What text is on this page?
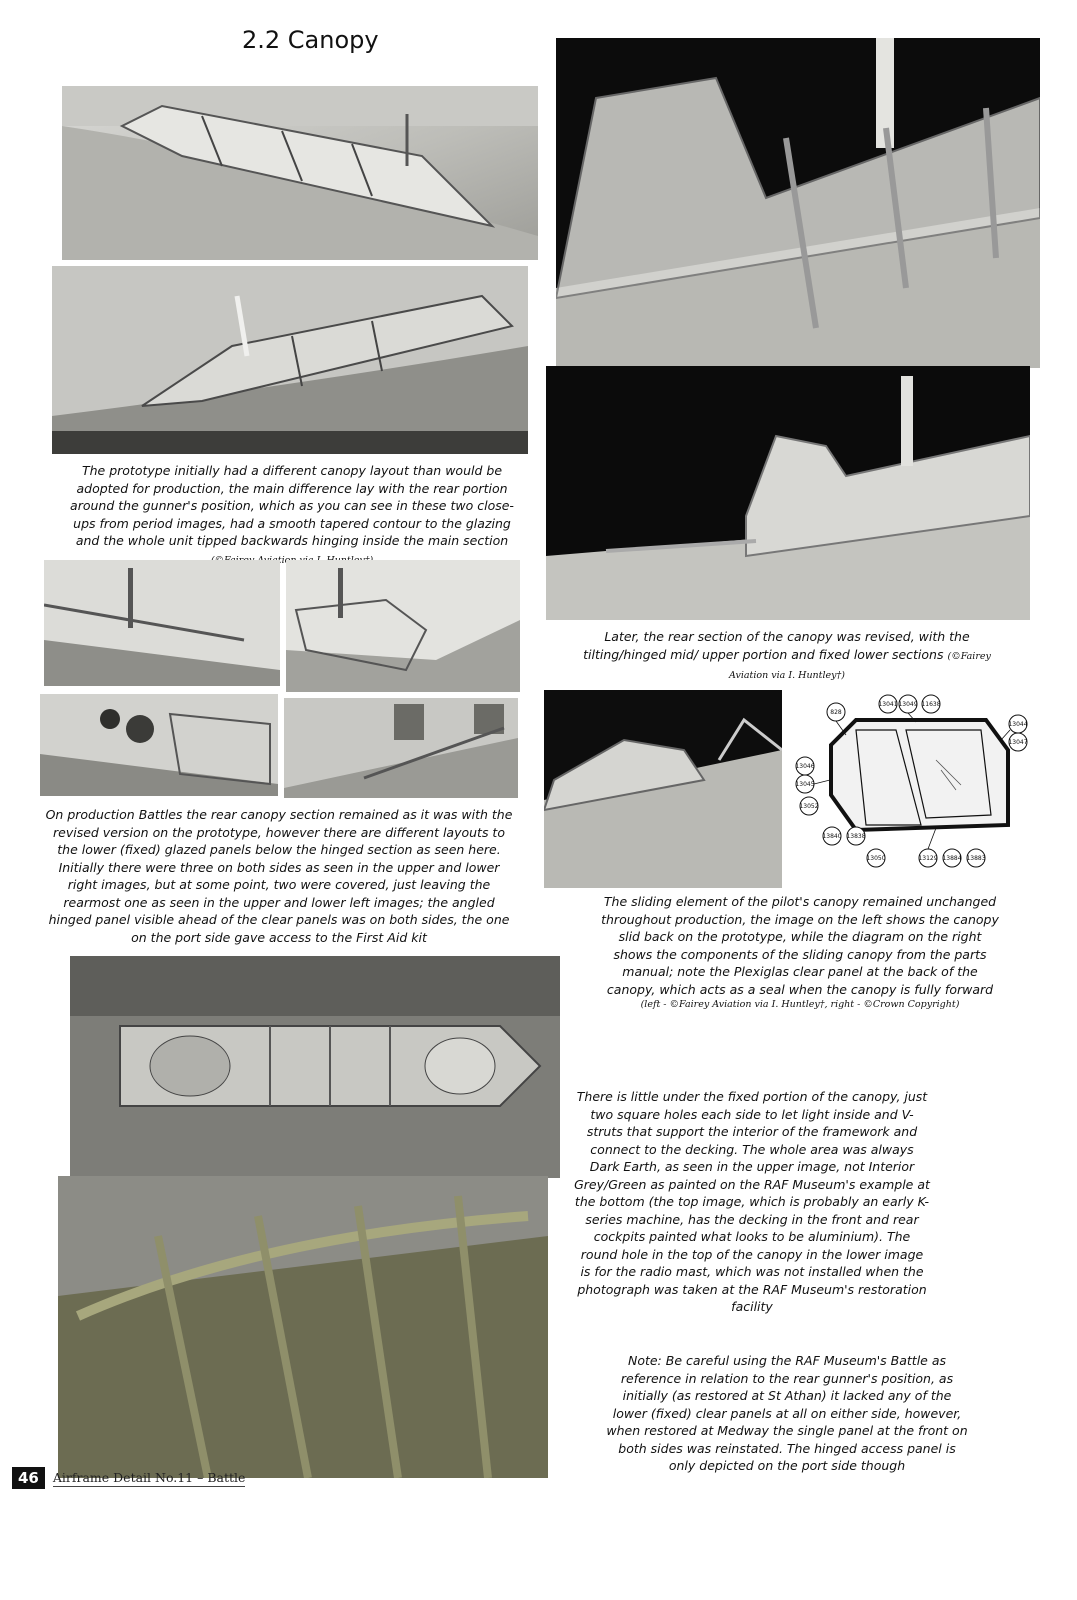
2.2 Canopy

The prototype initially had a different canopy layout than would be adopted for production, the main difference lay with the rear portion around the gunner's position, which as you can see in these two close-ups from period images, had a smooth tapered contour to the glazing and the whole unit tipped backwards hinging inside the main section

Later, the rear section of the canopy was revised, with the tilting/hinged mid/ upper portion and fixed lower sections (©Fairey Aviation via I. Huntley†)

On production Battles the rear canopy section remained as it was with the revised version on the prototype, however there are different layouts to the lower (fixed) glazed panels below the hinged section as seen here. Initially there were three on both sides as seen in the upper and lower right images, but at some point, two were covered, just leaving the rearmost one as seen in the upper and lower left images; the angled hinged panel visible ahead of the clear panels was on both sides, the one on the port side gave access to the First Aid kit

828
13041 13049 11638
13044
13047
13046
13045
13052
13840 13838
13050	13129 13884 13883

The sliding element of the pilot's canopy remained unchanged throughout production, the image on the left shows the canopy slid back on the prototype, while the diagram on the right shows the components of the sliding canopy from the parts manual; note the Plexiglas clear panel at the back of the canopy, which acts as a seal when the canopy is fully forward
(left - ©Fairey Aviation via I. Huntley†, right - ©Crown Copyright)

There is little under the fixed portion of the canopy, just two square holes each side to let light inside and V-struts that support the interior of the framework and connect to the decking. The whole area was always Dark Earth, as seen in the upper image, not Interior Grey/Green as painted on the RAF Museum's example at the bottom (the top image, which is probably an early K-series machine, has the decking in the front and rear cockpits painted what looks to be aluminium). The round hole in the top of the canopy in the lower image is for the radio mast, which was not installed when the photograph was taken at the RAF Museum's restoration facility

Note: Be careful using the RAF Museum's Battle as reference in relation to the rear gunner's position, as initially (as restored at St Athan) it lacked any of the lower (fixed) clear panels at all on either side, however, when restored at Medway the single panel at the front on both sides was reinstated. The hinged access panel is only depicted on the port side though

46	Airframe Detail No.11 – Battle
